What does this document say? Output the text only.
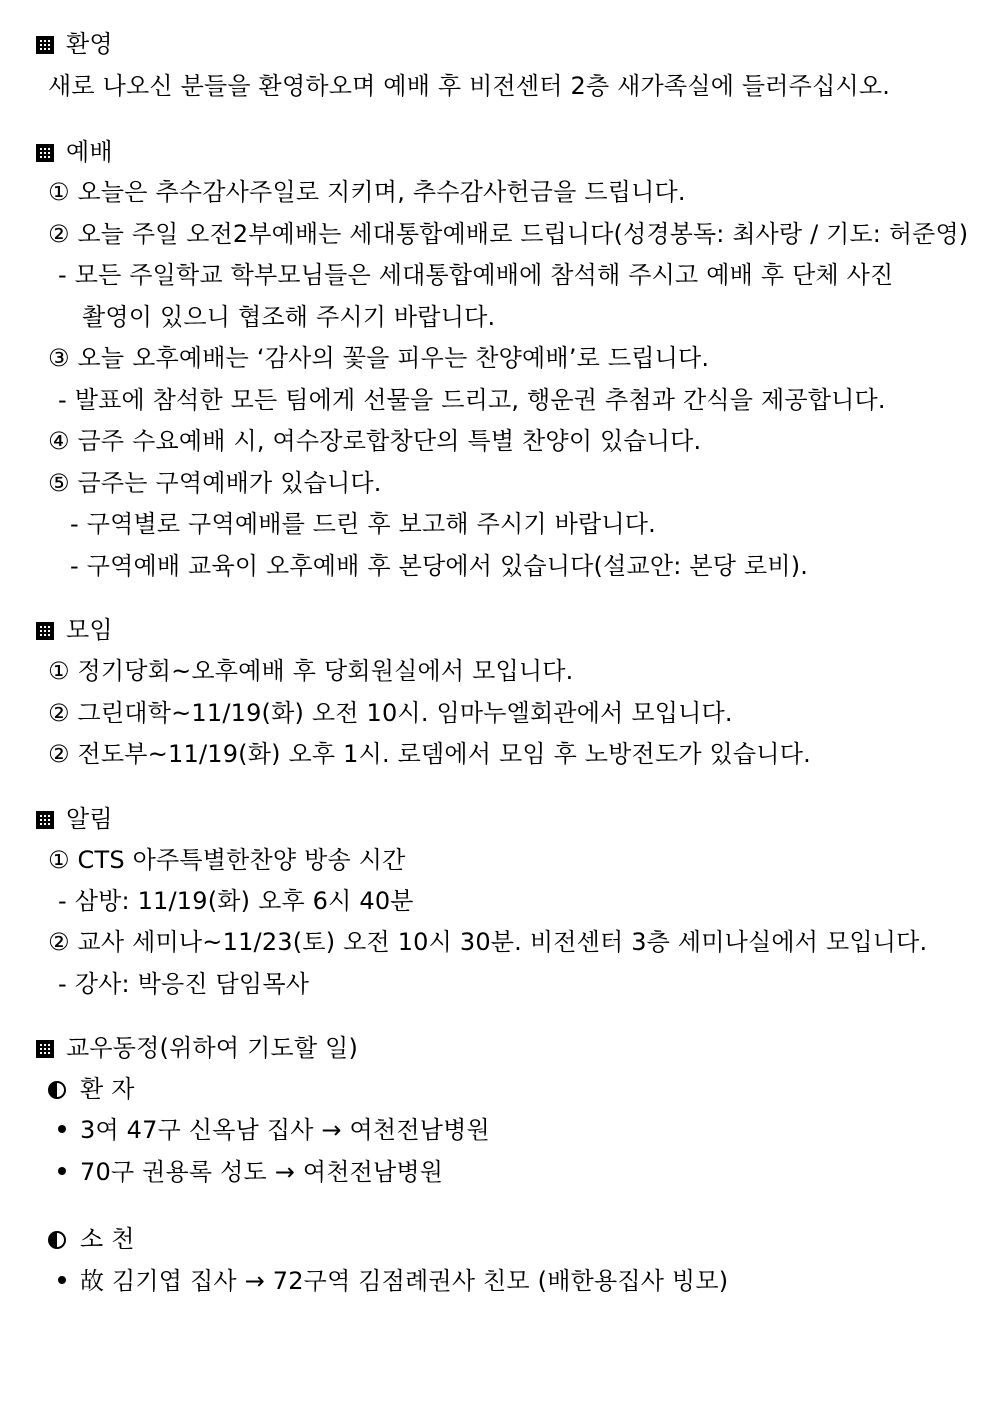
환영
새로 나오신 분들을 환영하오며 예배 후 비전센터 2층 새가족실에 들러주십시오.
예배
① 오늘은 추수감사주일로 지키며, 추수감사헌금을 드립니다.
② 오늘 주일 오전2부예배는 세대통합예배로 드립니다(성경봉독: 최사랑 / 기도: 허준영)
- 모든 주일학교 학부모님들은 세대통합예배에 참석해 주시고 예배 후 단체 사진
촬영이 있으니 협조해 주시기 바랍니다.
③ 오늘 오후예배는 ‘감사의 꽃을 피우는 찬양예배’로 드립니다.
- 발표에 참석한 모든 팀에게 선물을 드리고, 행운권 추첨과 간식을 제공합니다.
④ 금주 수요예배 시, 여수장로합창단의 특별 찬양이 있습니다.
⑤ 금주는 구역예배가 있습니다.
- 구역별로 구역예배를 드린 후 보고해 주시기 바랍니다.
- 구역예배 교육이 오후예배 후 본당에서 있습니다(설교안: 본당 로비).
모임
① 정기당회~오후예배 후 당회원실에서 모입니다.
② 그린대학~11/19(화) 오전 10시. 임마누엘회관에서 모입니다.
② 전도부~11/19(화) 오후 1시. 로뎀에서 모임 후 노방전도가 있습니다.
알림
① CTS 아주특별한찬양 방송 시간
- 삼방: 11/19(화) 오후 6시 40분
② 교사 세미나~11/23(토) 오전 10시 30분. 비전센터 3층 세미나실에서 모입니다.
- 강사: 박응진 담임목사
교우동정(위하여 기도할 일)
환 자
3여 47구 신옥남 집사 → 여천전남병원
70구 권용록 성도 → 여천전남병원
소 천
故 김기엽 집사 → 72구역 김점례권사 친모 (배한용집사 빙모)
